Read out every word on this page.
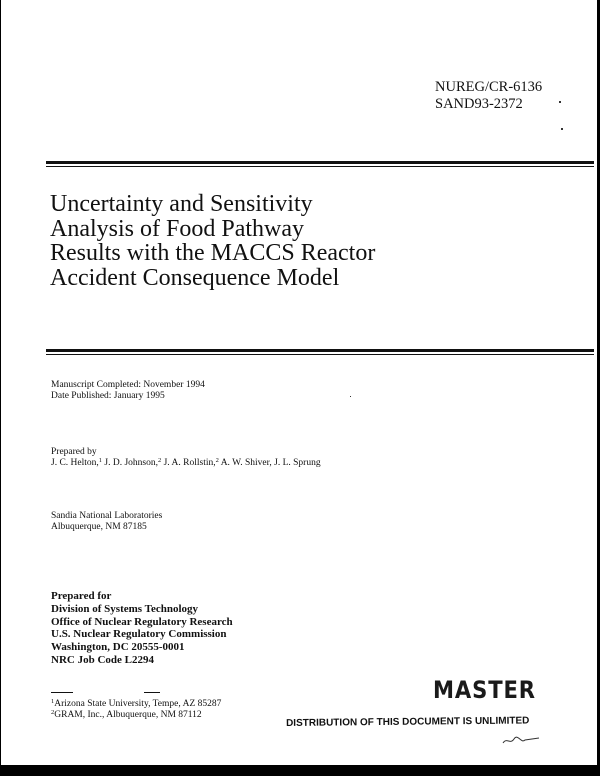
NUREG/CR-6136
SAND93-2372
Uncertainty and Sensitivity
Analysis of Food Pathway
Results with the MACCS Reactor
Accident Consequence Model
Manuscript Completed: November 1994
Date Published: January 1995
Prepared by
J. C. Helton,$^1$ J. D. Johnson,$^2$ J. A. Rollstin,$^2$ A. W. Shiver, J. L. Sprung
Sandia National Laboratories
Albuquerque, NM 87185
Prepared for
Division of Systems Technology
Office of Nuclear Regulatory Research
U.S. Nuclear Regulatory Commission
Washington, DC 20555-0001
NRC Job Code L2294
$^1$Arizona State University, Tempe, AZ 85287
$^2$GRAM, Inc., Albuquerque, NM 87112
MASTER
DISTRIBUTION OF THIS DOCUMENT IS UNLIMITED
